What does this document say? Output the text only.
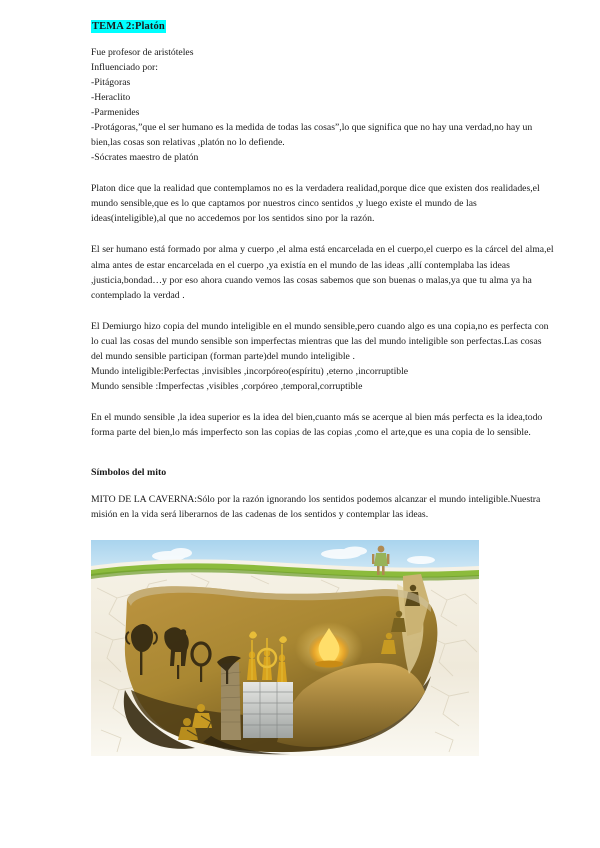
TEMA 2:Platón
Fue profesor de aristóteles
Influenciado por:
-Pitágoras
-Heraclito
-Parmenides
-Protágoras,”que el ser humano es la medida de todas las cosas”,lo que significa que no hay una verdad,no hay un bien,las cosas son relativas ,platón no lo defiende.
-Sócrates maestro de platón

Platon dice que la realidad que contemplamos no es la verdadera realidad,porque dice que existen dos realidades,el mundo sensible,que es lo que captamos por nuestros cinco sentidos ,y luego existe el mundo de las ideas(inteligible),al que no accedemos por los sentidos sino por la razón.

El ser humano está formado por alma y cuerpo ,el alma está encarcelada en el cuerpo,el cuerpo es la cárcel del alma,el alma antes de estar encarcelada en el cuerpo ,ya existía en el mundo de las ideas ,allí contemplaba las ideas ,justicia,bondad…y por eso ahora cuando vemos las cosas sabemos que son buenas o malas,ya que tu alma ya ha contemplado la verdad .

El Demiurgo hizo copia del mundo inteligible en el mundo sensible,pero cuando algo es una copia,no es perfecta con lo cual las cosas del mundo sensible son imperfectas mientras que las del mundo inteligible son perfectas.Las cosas del mundo sensible participan (forman parte)del mundo inteligible .

Mundo inteligible:Perfectas ,invisibles ,incorpóreo(espíritu) ,eterno ,incorruptible

Mundo sensible :Imperfectas ,visibles ,corpóreo ,temporal,corruptible

En el mundo sensible ,la idea superior es la idea del bien,cuanto más se acerque al bien más perfecta es la idea,todo forma parte del bien,lo más imperfecto son las copias de las copias ,como el arte,que es una copia de lo sensible.

Símbolos del mito

MITO DE LA CAVERNA:Sólo por la razón ignorando los sentidos podemos alcanzar el mundo inteligible.Nuestra misión en la vida será liberarnos de las cadenas de los sentidos y contemplar las ideas.
